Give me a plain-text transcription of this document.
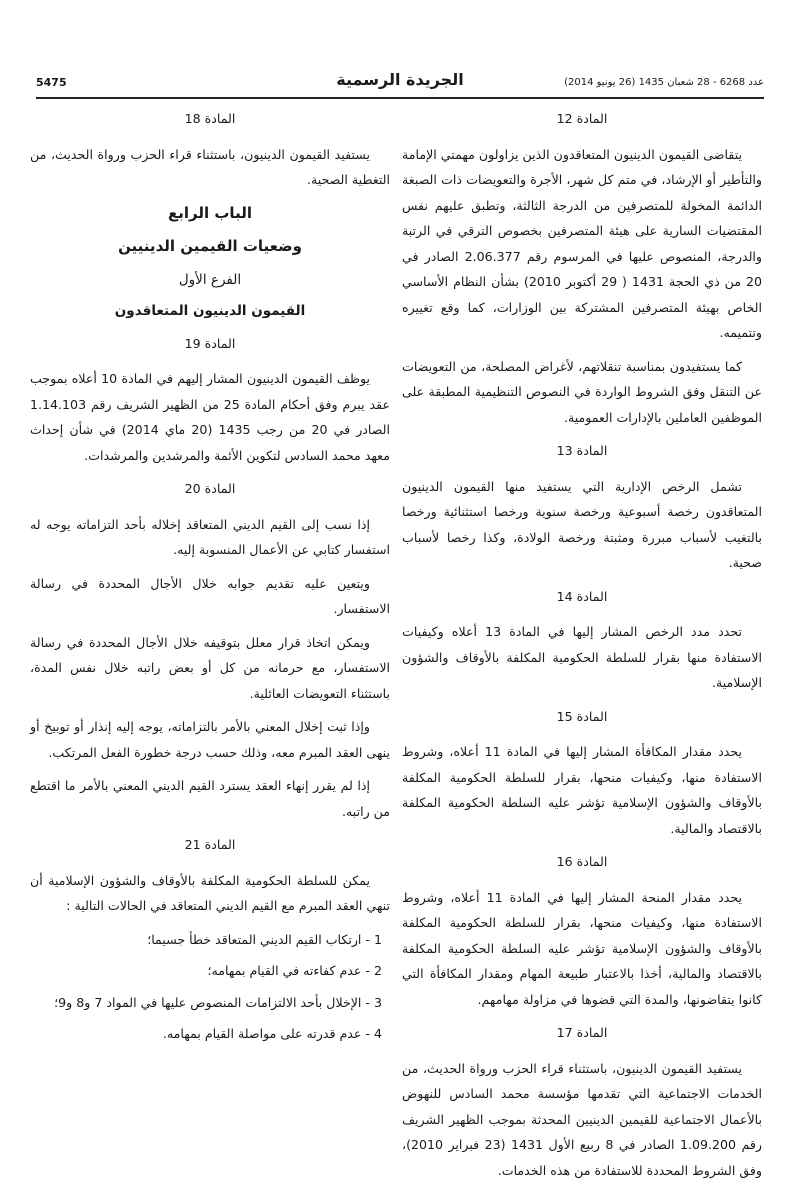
5475	الجريدة الرسمية	عدد 6268 - 28 شعبان 1435 (26 يونيو 2014)
المادة 12
يتقاضى القيمون الدينيون المتعاقدون الذين يزاولون مهمتي الإمامة والتأطير أو الإرشاد، في متم كل شهر، الأجرة والتعويضات ذات الصبغة الدائمة المخولة للمتصرفين من الدرجة الثالثة، وتطبق عليهم نفس المقتضيات السارية على هيئة المتصرفين بخصوص الترقي في الرتبة والدرجة، المنصوص عليها في المرسوم رقم 2.06.377 الصادر في 20 من ذي الحجة 1431 ( 29 أكتوبر 2010) بشأن النظام الأساسي الخاص بهيئة المتصرفين المشتركة بين الوزارات، كما وقع تغييره وتتميمه.
كما يستفيدون بمناسبة تنقلاتهم، لأغراض المصلحة، من التعويضات عن التنقل وفق الشروط الواردة في النصوص التنظيمية المطبقة على الموظفين العاملين بالإدارات العمومية.
المادة 13
تشمل الرخص الإدارية التي يستفيد منها القيمون الدينيون المتعاقدون رخصة أسبوعية ورخصة سنوية ورخصا استثنائية ورخصا بالتغيب لأسباب مبررة ومثبتة ورخصة الولادة، وكذا رخصا لأسباب صحية.
المادة 14
تحدد مدد الرخص المشار إليها في المادة 13 أعلاه وكيفيات الاستفادة منها بقرار للسلطة الحكومية المكلفة بالأوقاف والشؤون الإسلامية.
المادة 15
يحدد مقدار المكافأة المشار إليها في المادة 11 أعلاه، وشروط الاستفادة منها، وكيفيات منحها، بقرار للسلطة الحكومية المكلفة بالأوقاف والشؤون الإسلامية تؤشر عليه السلطة الحكومية المكلفة بالاقتصاد والمالية.
المادة 16
يحدد مقدار المنحة المشار إليها في المادة 11 أعلاه، وشروط الاستفادة منها، وكيفيات منحها، بقرار للسلطة الحكومية المكلفة بالأوقاف والشؤون الإسلامية تؤشر عليه السلطة الحكومية المكلفة بالاقتصاد والمالية، أخذا بالاعتبار طبيعة المهام ومقدار المكافأة التي كانوا يتقاضونها، والمدة التي قضوها في مزاولة مهامهم.
المادة 17
يستفيد القيمون الدينيون، باستثناء قراء الحزب ورواة الحديث، من الخدمات الاجتماعية التي تقدمها مؤسسة محمد السادس للنهوض بالأعمال الاجتماعية للقيمين الدينيين المحدثة بموجب الظهير الشريف رقم 1.09.200 الصادر في 8 ربيع الأول 1431 (23 فبراير 2010)، وفق الشروط المحددة للاستفادة من هذه الخدمات.
المادة 18
يستفيد القيمون الدينيون، باستثناء قراء الحزب ورواة الحديث، من التغطية الصحية.
الباب الرابع
وضعيات القيمين الدينيين
الفرع الأول
القيمون الدينيون المتعاقدون
المادة 19
يوظف القيمون الدينيون المشار إليهم في المادة 10 أعلاه بموجب عقد يبرم وفق أحكام المادة 25 من الظهير الشريف رقم 1.14.103 الصادر في 20 من رجب 1435 (20 ماي 2014) في شأن إحداث معهد محمد السادس لتكوين الأئمة والمرشدين والمرشدات.
المادة 20
إذا نسب إلى القيم الديني المتعاقد إخلاله بأحد التزاماته يوجه له استفسار كتابي عن الأعمال المنسوبة إليه.
ويتعين عليه تقديم جوابه خلال الأجال المحددة في رسالة الاستفسار.
ويمكن اتخاذ قرار معلل بتوقيفه خلال الأجال المحددة في رسالة الاستفسار، مع حرمانه من كل أو بعض راتبه خلال نفس المدة، باستثناء التعويضات العائلية.
وإذا ثبت إخلال المعني بالأمر بالتزاماته، يوجه إليه إنذار أو توبيخ أو ينهى العقد المبرم معه، وذلك حسب درجة خطورة الفعل المرتكب.
إذا لم يقرر إنهاء العقد يسترد القيم الديني المعني بالأمر ما اقتطع من راتبه.
المادة 21
يمكن للسلطة الحكومية المكلفة بالأوقاف والشؤون الإسلامية أن تنهي العقد المبرم مع القيم الديني المتعاقد في الحالات التالية :
1 - ارتكاب القيم الديني المتعاقد خطأ جسيما؛
2 - عدم كفاءته في القيام بمهامه؛
3 - الإخلال بأحد الالتزامات المنصوص عليها في المواد 7 و8 و9؛
4 - عدم قدرته على مواصلة القيام بمهامه.
